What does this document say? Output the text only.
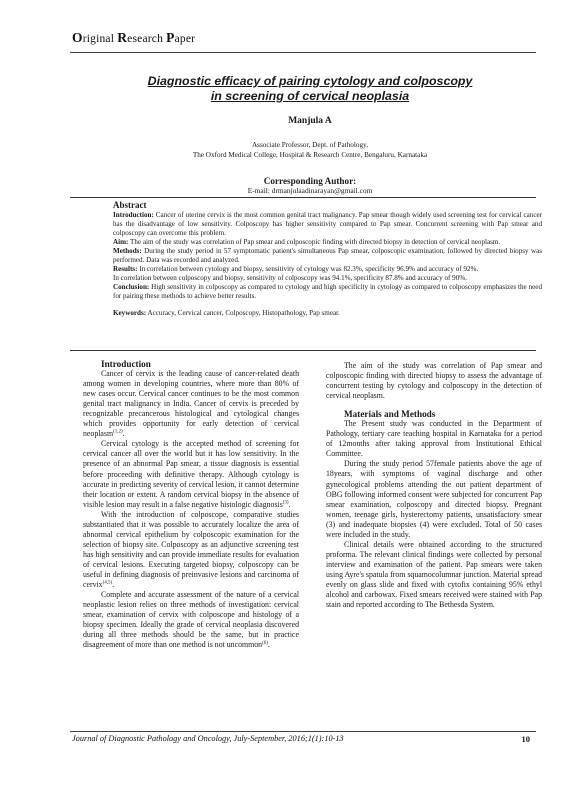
Original Research Paper

Diagnostic efficacy of pairing cytology and colposcopy
in screening of cervical neoplasia

Manjula A
Associate Professor, Dept. of Pathology,
The Oxford Medical College, Hospital & Research Centre, Bengaluru, Karnataka
Corresponding Author:
E-mail: drmanjulaadinarayan@gmail.com

Abstract

Introduction: Cancer of uterine cervix is the most common genital tract malignancy. Pap smear though widely used screening test for cervical cancer has the disadvantage of low sensitivity. Colposcopy has higher sensitivity compared to Pap smear. Concurrent screening with Pap smear and colposcopy can overcome this problem.

Aim: The aim of the study was correlation of Pap smear and colposcopic finding with directed biopsy in detection of cervical neoplasm.

Methods: During the study period in 57 symptomatic patient's simultaneous Pap smear, colposcopic examination, followed by directed biopsy was performed. Data was recorded and analyzed.

Results: In correlation between cytology and biopsy, sensitivity of cytology was 82.3%, specificity 96.9% and accuracy of 92%.

In correlation between colposcopy and biopsy, sensitivity of colposcopy was 94.1%, specificity 87.8% and accuracy of 90%.

Conclusion: High sensitivity in colposcopy as compared to cytology and high specificity in cytology as compared to colposcopy emphasizes the need for pairing these methods to achieve better results.

Keywords: Accuracy, Cervical cancer, Colposcopy, Histopathology, Pap smear.

Introduction

Cancer of cervix is the leading cause of cancer-related death among women in developing countries, where more than 80% of new cases occur. Cervical cancer continues to be the most common genital tract malignancy in India. Cancer of cervix is preceded by recognizable precancerous histological and cytological changes which provides opportunity for early detection of cervical neoplasm$^{(1,2)}$.

Cervical cytology is the accepted method of screening for cervical cancer all over the world but it has low sensitivity. In the presence of an abnormal Pap smear, a tissue diagnosis is essential before proceeding with definitive therapy. Although cytology is accurate in predicting severity of cervical lesion, it cannot determine their location or extent. A random cervical biopsy in the absence of visible lesion may result in a false negative histologic diagnosis$^{(3)}$.

With the introduction of colposcope, comparative studies substantiated that it was possible to accurately localize the area of abnormal cervical epithelium by colposcopic examination for the selection of biopsy site. Colposcopy as an adjunctive screening test has high sensitivity and can provide immediate results for evaluation of cervical lesions. Executing targeted biopsy, colposcopy can be useful in defining diagnosis of preinvasive lesions and carcinoma of cervix$^{(4,5)}$.

Complete and accurate assessment of the nature of a cervical neoplastic lesion relies on three methods of investigation: cervical smear, examination of cervix with colposcope and histology of a biopsy specimen. Ideally the grade of cervical neoplasia discovered during all three methods should be the same, but in practice disagreement of more than one method is not uncommon$^{(6)}$.

The aim of the study was correlation of Pap smear and colposcopic finding with directed biopsy to assess the advantage of concurrent testing by cytology and colposcopy in the detection of cervical neoplasm.

Materials and Methods

The Present study was conducted in the Department of Pathology, tertiary care teaching hospital in Karnataka for a period of 12months after taking approval from Institutional Ethical Committee.

During the study period 57female patients above the age of 18years, with symptoms of vaginal discharge and other gynecological problems attending the out patient department of OBG following informed consent were subjected for concurrent Pap smear examination, colposcopy and directed biopsy. Pregnant women, teenage girls, hysterectomy patients, unsatisfactory smear (3) and inadequate biopsies (4) were excluded. Total of 50 cases were included in the study.

Clinical details were obtained according to the structured proforma. The relevant clinical findings were collected by personal interview and examination of the patient. Pap smears were taken using Ayre's spatula from squamocolumnar junction. Material spread evenly on glass slide and fixed with cytofix containing 95% ethyl alcohol and carbowax. Fixed smears received were stained with Pap stain and reported according to The Bethesda System.

Journal of Diagnostic Pathology and Oncology, July-September, 2016;1(1):10-13	10
